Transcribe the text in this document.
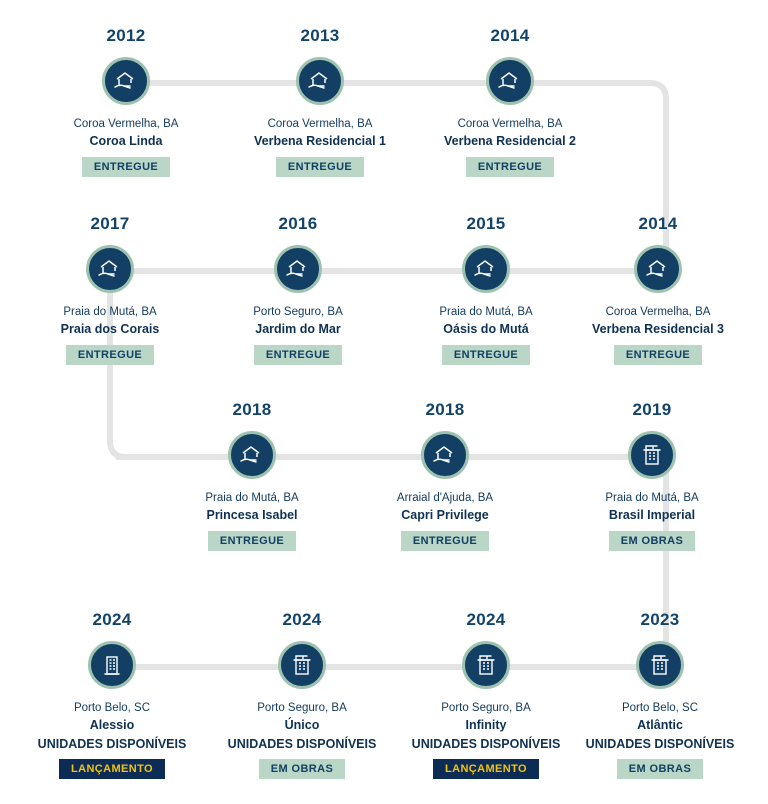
2012
Coroa Vermelha, BA
Coroa Linda
ENTREGUE
2013
Coroa Vermelha, BA
Verbena Residencial 1
ENTREGUE
2014
Coroa Vermelha, BA
Verbena Residencial 2
ENTREGUE
2017
Praia do Mutá, BA
Praia dos Corais
ENTREGUE
2016
Porto Seguro, BA
Jardim do Mar
ENTREGUE
2015
Praia do Mutá, BA
Oásis do Mutá
ENTREGUE
2014
Coroa Vermelha, BA
Verbena Residencial 3
ENTREGUE
2018
Praia do Mutá, BA
Princesa Isabel
ENTREGUE
2018
Arraial d'Ajuda, BA
Capri Privilege
ENTREGUE
2019
Praia do Mutá, BA
Brasil Imperial
EM OBRAS
2024
Porto Belo, SC
Alessio
UNIDADES DISPONÍVEIS
LANÇAMENTO
2024
Porto Seguro, BA
Único
UNIDADES DISPONÍVEIS
EM OBRAS
2024
Porto Seguro, BA
Infinity
UNIDADES DISPONÍVEIS
LANÇAMENTO
2023
Porto Belo, SC
Atlântic
UNIDADES DISPONÍVEIS
EM OBRAS
